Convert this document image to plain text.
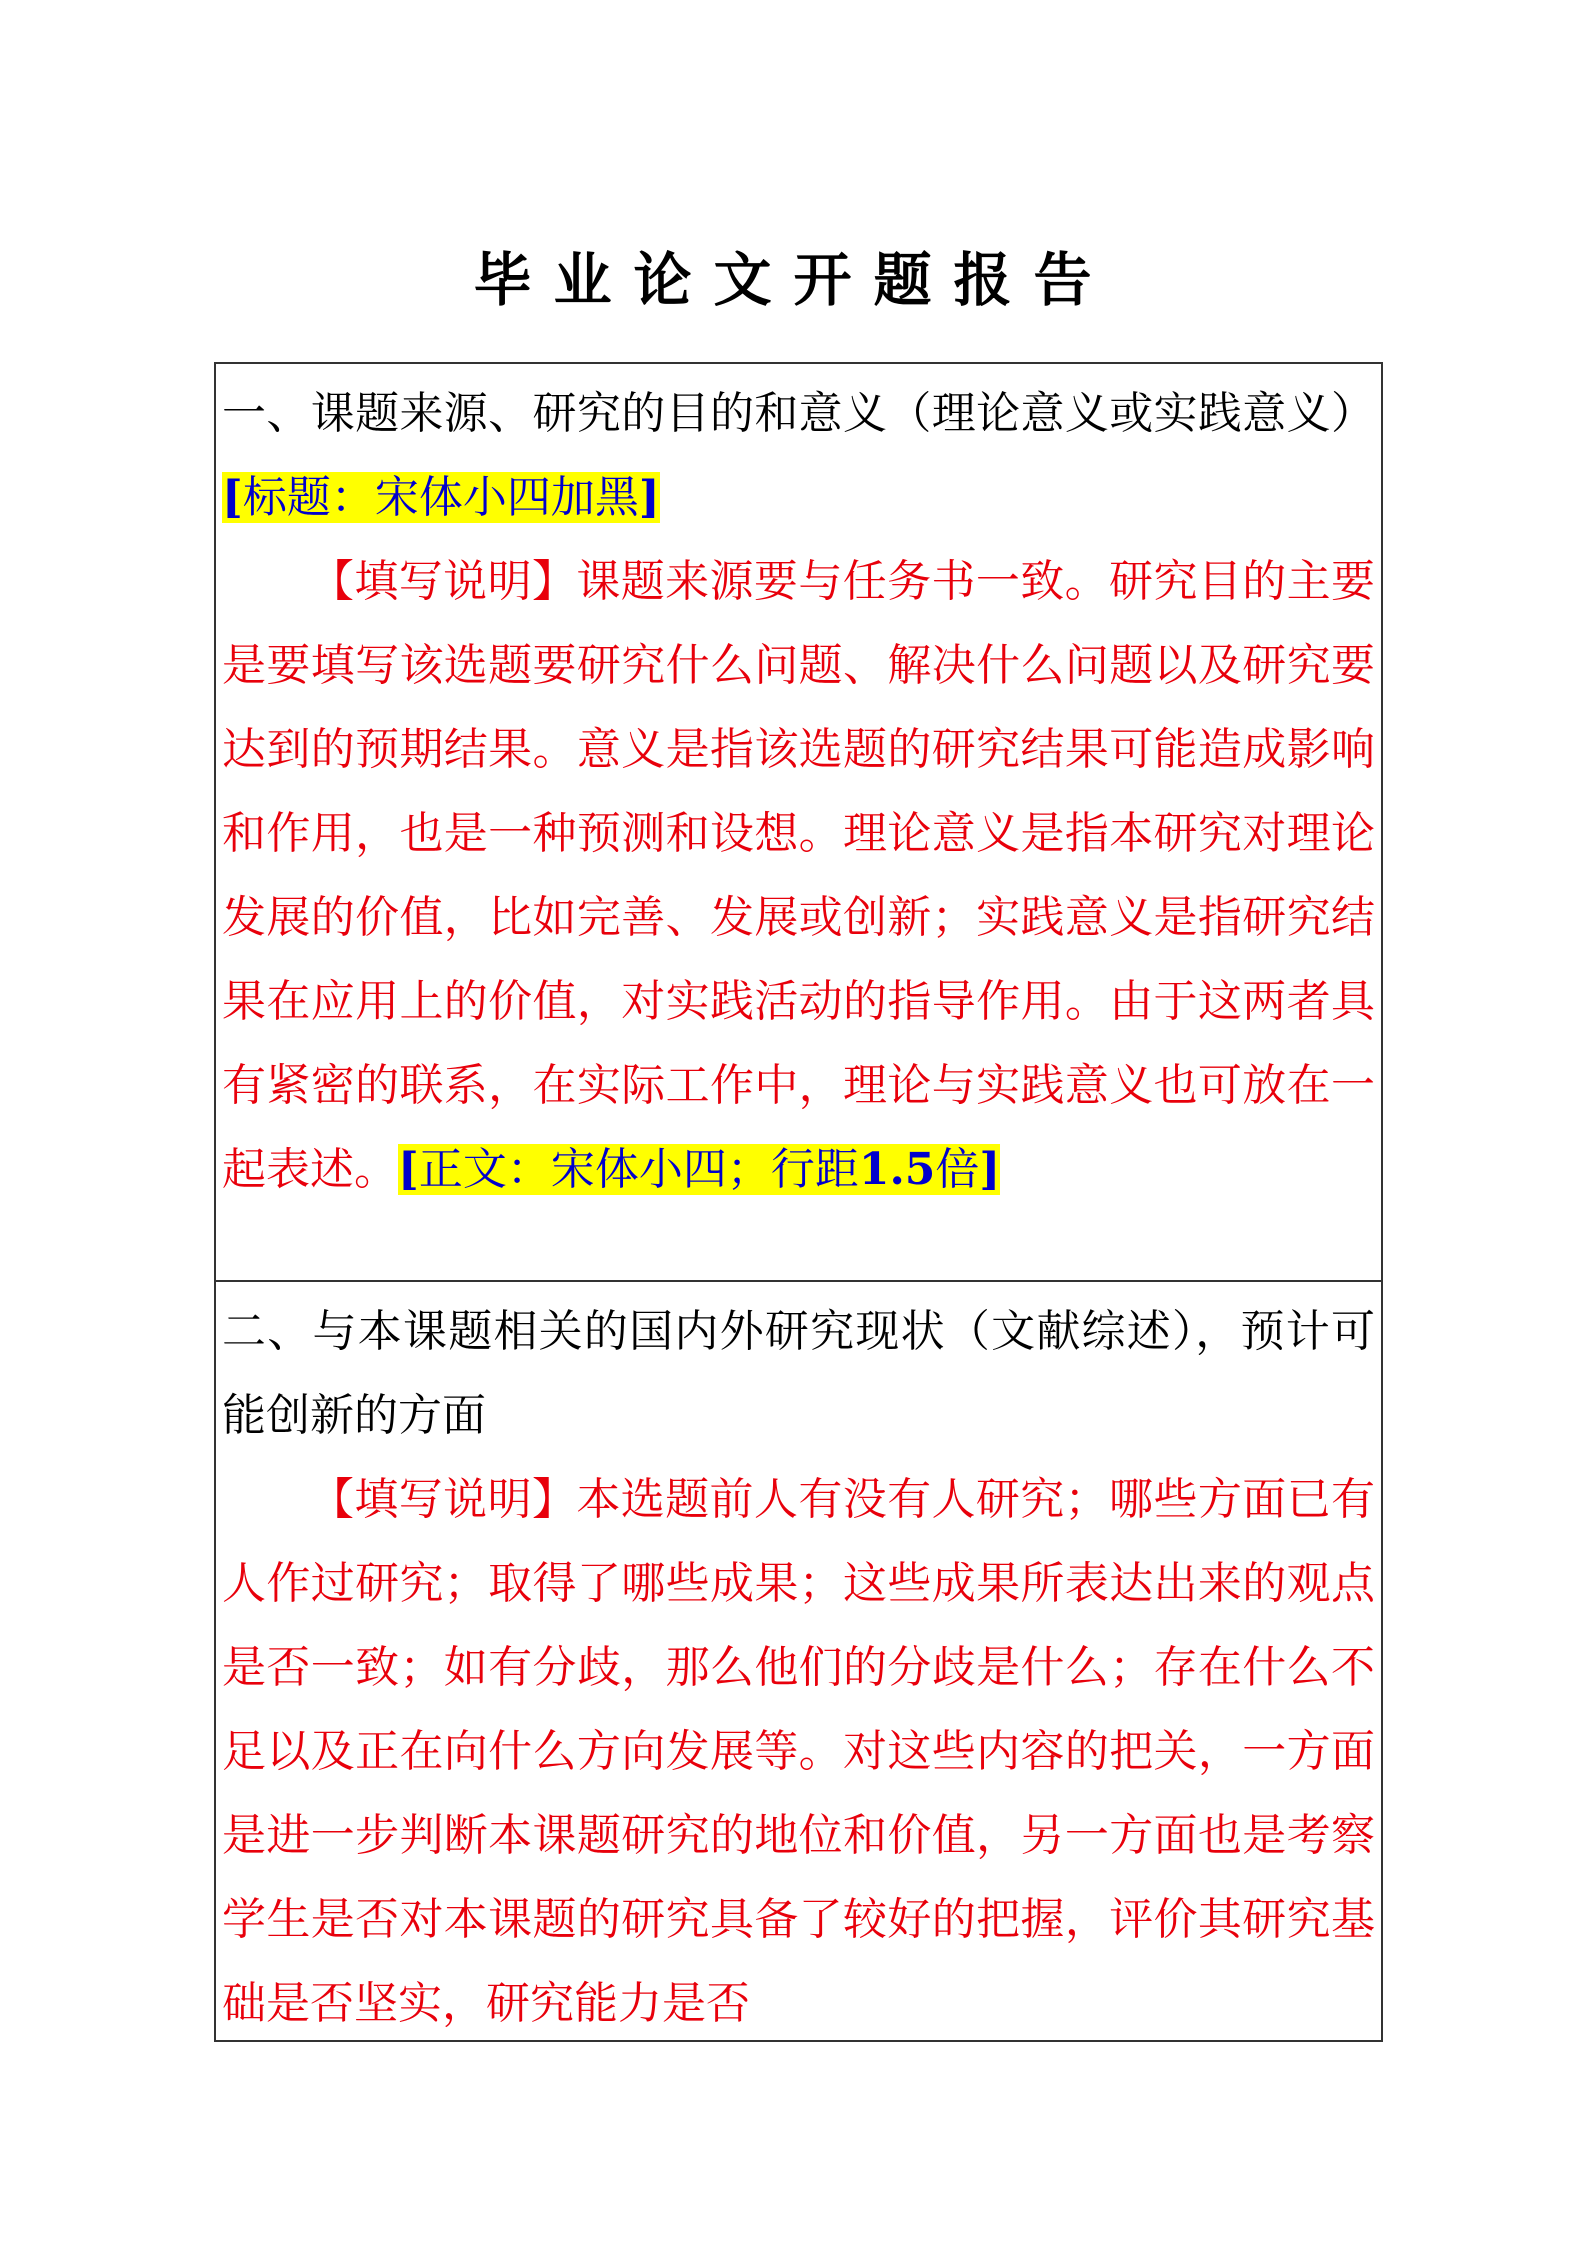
毕业论文开题报告
一、课题来源、研究的目的和意义（理论意义或实践意义）[标题：宋体小四加黑]
【填写说明】课题来源要与任务书一致。研究目的主要是要填写该选题要研究什么问题、解决什么问题以及研究要达到的预期结果。意义是指该选题的研究结果可能造成影响和作用，也是一种预测和设想。理论意义是指本研究对理论发展的价值，比如完善、发展或创新；实践意义是指研究结果在应用上的价值，对实践活动的指导作用。由于这两者具有紧密的联系，在实际工作中，理论与实践意义也可放在一起表述。[正文：宋体小四；行距1.5倍]
二、与本课题相关的国内外研究现状（文献综述），预计可能创新的方面
【填写说明】本选题前人有没有人研究；哪些方面已有人作过研究；取得了哪些成果；这些成果所表达出来的观点是否一致；如有分歧，那么他们的分歧是什么；存在什么不足以及正在向什么方向发展等。对这些内容的把关，一方面是进一步判断本课题研究的地位和价值，另一方面也是考察学生是否对本课题的研究具备了较好的把握，评价其研究基础是否坚实，研究能力是否
